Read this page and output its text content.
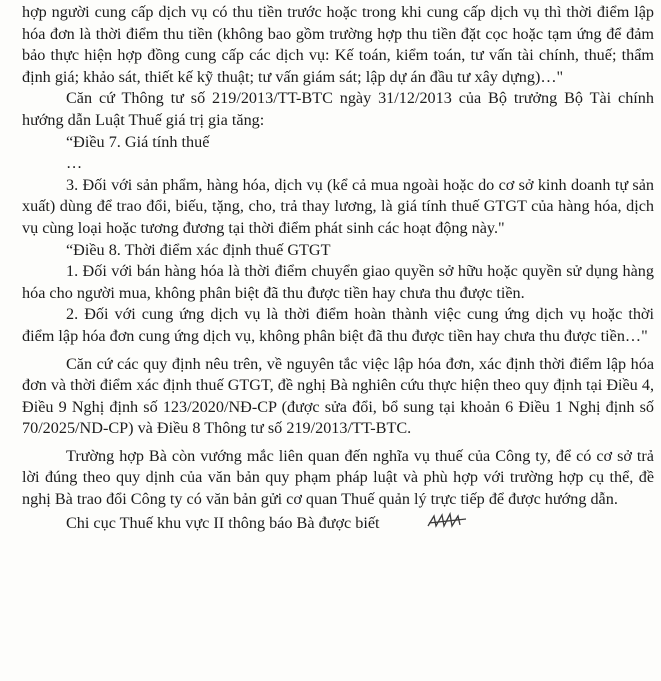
hợp người cung cấp dịch vụ có thu tiền trước hoặc trong khi cung cấp dịch vụ thì thời điểm lập hóa đơn là thời điểm thu tiền (không bao gồm trường hợp thu tiền đặt cọc hoặc tạm ứng để đảm bảo thực hiện hợp đồng cung cấp các dịch vụ: Kế toán, kiểm toán, tư vấn tài chính, thuế; thẩm định giá; khảo sát, thiết kế kỹ thuật; tư vấn giám sát; lập dự án đầu tư xây dựng)…"

Căn cứ Thông tư số 219/2013/TT-BTC ngày 31/12/2013 của Bộ trưởng Bộ Tài chính hướng dẫn Luật Thuế giá trị gia tăng:

“Điều 7. Giá tính thuế

…

3. Đối với sản phẩm, hàng hóa, dịch vụ (kể cả mua ngoài hoặc do cơ sở kinh doanh tự sản xuất) dùng để trao đổi, biếu, tặng, cho, trả thay lương, là giá tính thuế GTGT của hàng hóa, dịch vụ cùng loại hoặc tương đương tại thời điểm phát sinh các hoạt động này."

“Điều 8. Thời điểm xác định thuế GTGT

1. Đối với bán hàng hóa là thời điểm chuyển giao quyền sở hữu hoặc quyền sử dụng hàng hóa cho người mua, không phân biệt đã thu được tiền hay chưa thu được tiền.

2. Đối với cung ứng dịch vụ là thời điểm hoàn thành việc cung ứng dịch vụ hoặc thời điểm lập hóa đơn cung ứng dịch vụ, không phân biệt đã thu được tiền hay chưa thu được tiền…"

Căn cứ các quy định nêu trên, về nguyên tắc việc lập hóa đơn, xác định thời điểm lập hóa đơn và thời điểm xác định thuế GTGT, đề nghị Bà nghiên cứu thực hiện theo quy định tại Điều 4, Điều 9 Nghị định số 123/2020/NĐ-CP (được sửa đổi, bổ sung tại khoản 6 Điều 1 Nghị định số 70/2025/ND-CP) và Điều 8 Thông tư số 219/2013/TT-BTC.

Trường hợp Bà còn vướng mắc liên quan đến nghĩa vụ thuế của Công ty, để có cơ sở trả lời đúng theo quy dịnh của văn bản quy phạm pháp luật và phù hợp với trường hợp cụ thể, đề nghị Bà trao đổi Công ty có văn bản gửi cơ quan Thuế quản lý trực tiếp để được hướng dẫn.

Chi cục Thuế khu vực II thông báo Bà được biết
